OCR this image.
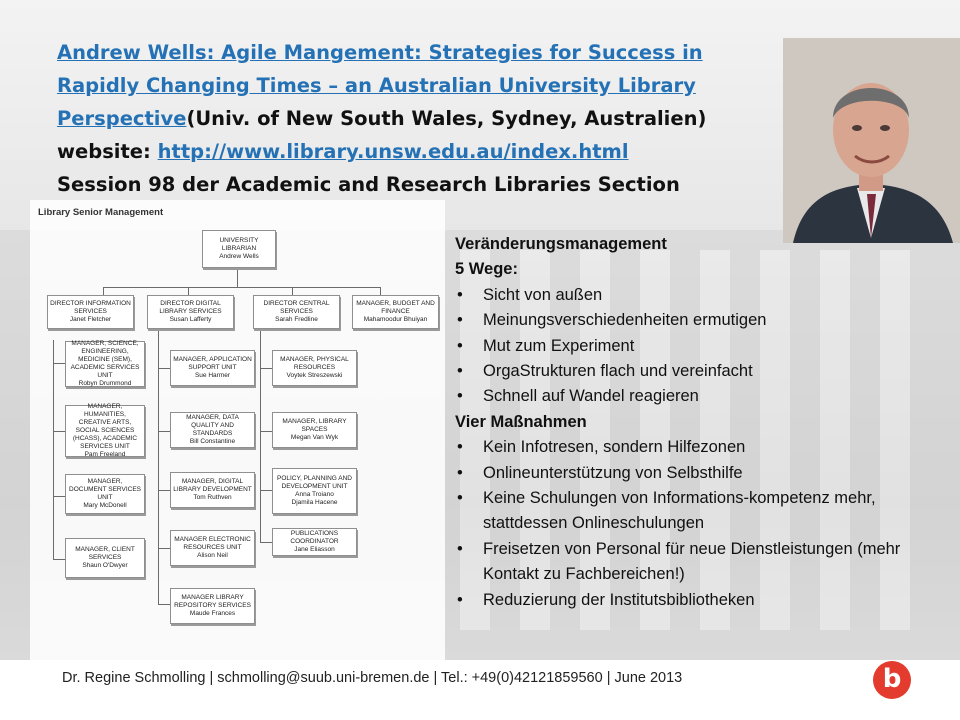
Andrew Wells: Agile Mangement: Strategies for Success in Rapidly Changing Times – an Australian University Library Perspective(Univ. of New South Wales, Sydney, Australien)
website: http://www.library.unsw.edu.au/index.html
Session 98 der Academic and Research Libraries Section
Library Senior Management
UNIVERSITY LIBRARIAN
Andrew Wells
DIRECTOR INFORMATION SERVICES
Janet Fletcher
DIRECTOR DIGITAL LIBRARY SERVICES
Susan Lafferty
DIRECTOR CENTRAL SERVICES
Sarah Fredline
MANAGER, BUDGET AND FINANCE
Mahamoodur Bhuiyan
MANAGER, SCIENCE, ENGINEERING, MEDICINE (SEM), ACADEMIC SERVICES UNIT
Robyn Drummond
MANAGER, HUMANITIES, CREATIVE ARTS, SOCIAL SCIENCES (HCASS), ACADEMIC SERVICES UNIT
Pam Freeland
MANAGER, DOCUMENT SERVICES UNIT
Mary McDonell
MANAGER, CLIENT SERVICES
Shaun O'Dwyer
MANAGER, APPLICATION SUPPORT UNIT
Sue Harmer
MANAGER, DATA QUALITY AND STANDARDS
Bill Constantine
MANAGER, DIGITAL LIBRARY DEVELOPMENT
Tom Ruthven
MANAGER ELECTRONIC RESOURCES UNIT
Alison Neil
MANAGER LIBRARY REPOSITORY SERVICES
Maude Frances
MANAGER, PHYSICAL RESOURCES
Voytek Streszewski
MANAGER, LIBRARY SPACES
Megan Van Wyk
POLICY, PLANNING AND DEVELOPMENT UNIT
Anna Troiano
Djamila Hacene
PUBLICATIONS COORDINATOR
Jane Eliasson
Veränderungsmanagement
5 Wege:
• Sicht von außen
• Meinungsverschiedenheiten ermutigen
• Mut zum Experiment
• OrgaStrukturen flach und vereinfacht
• Schnell auf Wandel reagieren
Vier Maßnahmen
• Kein Infotresen, sondern Hilfezonen
• Onlineunterstützung von Selbsthilfe
• Keine Schulungen von Informations-kompetenz mehr, stattdessen Onlineschulungen
• Freisetzen von Personal für neue Dienstleistungen (mehr Kontakt zu Fachbereichen!)
• Reduzierung der Institutsbibliotheken
Dr. Regine Schmolling | schmolling@suub.uni-bremen.de | Tel.: +49(0)42121859560 | June 2013	b
